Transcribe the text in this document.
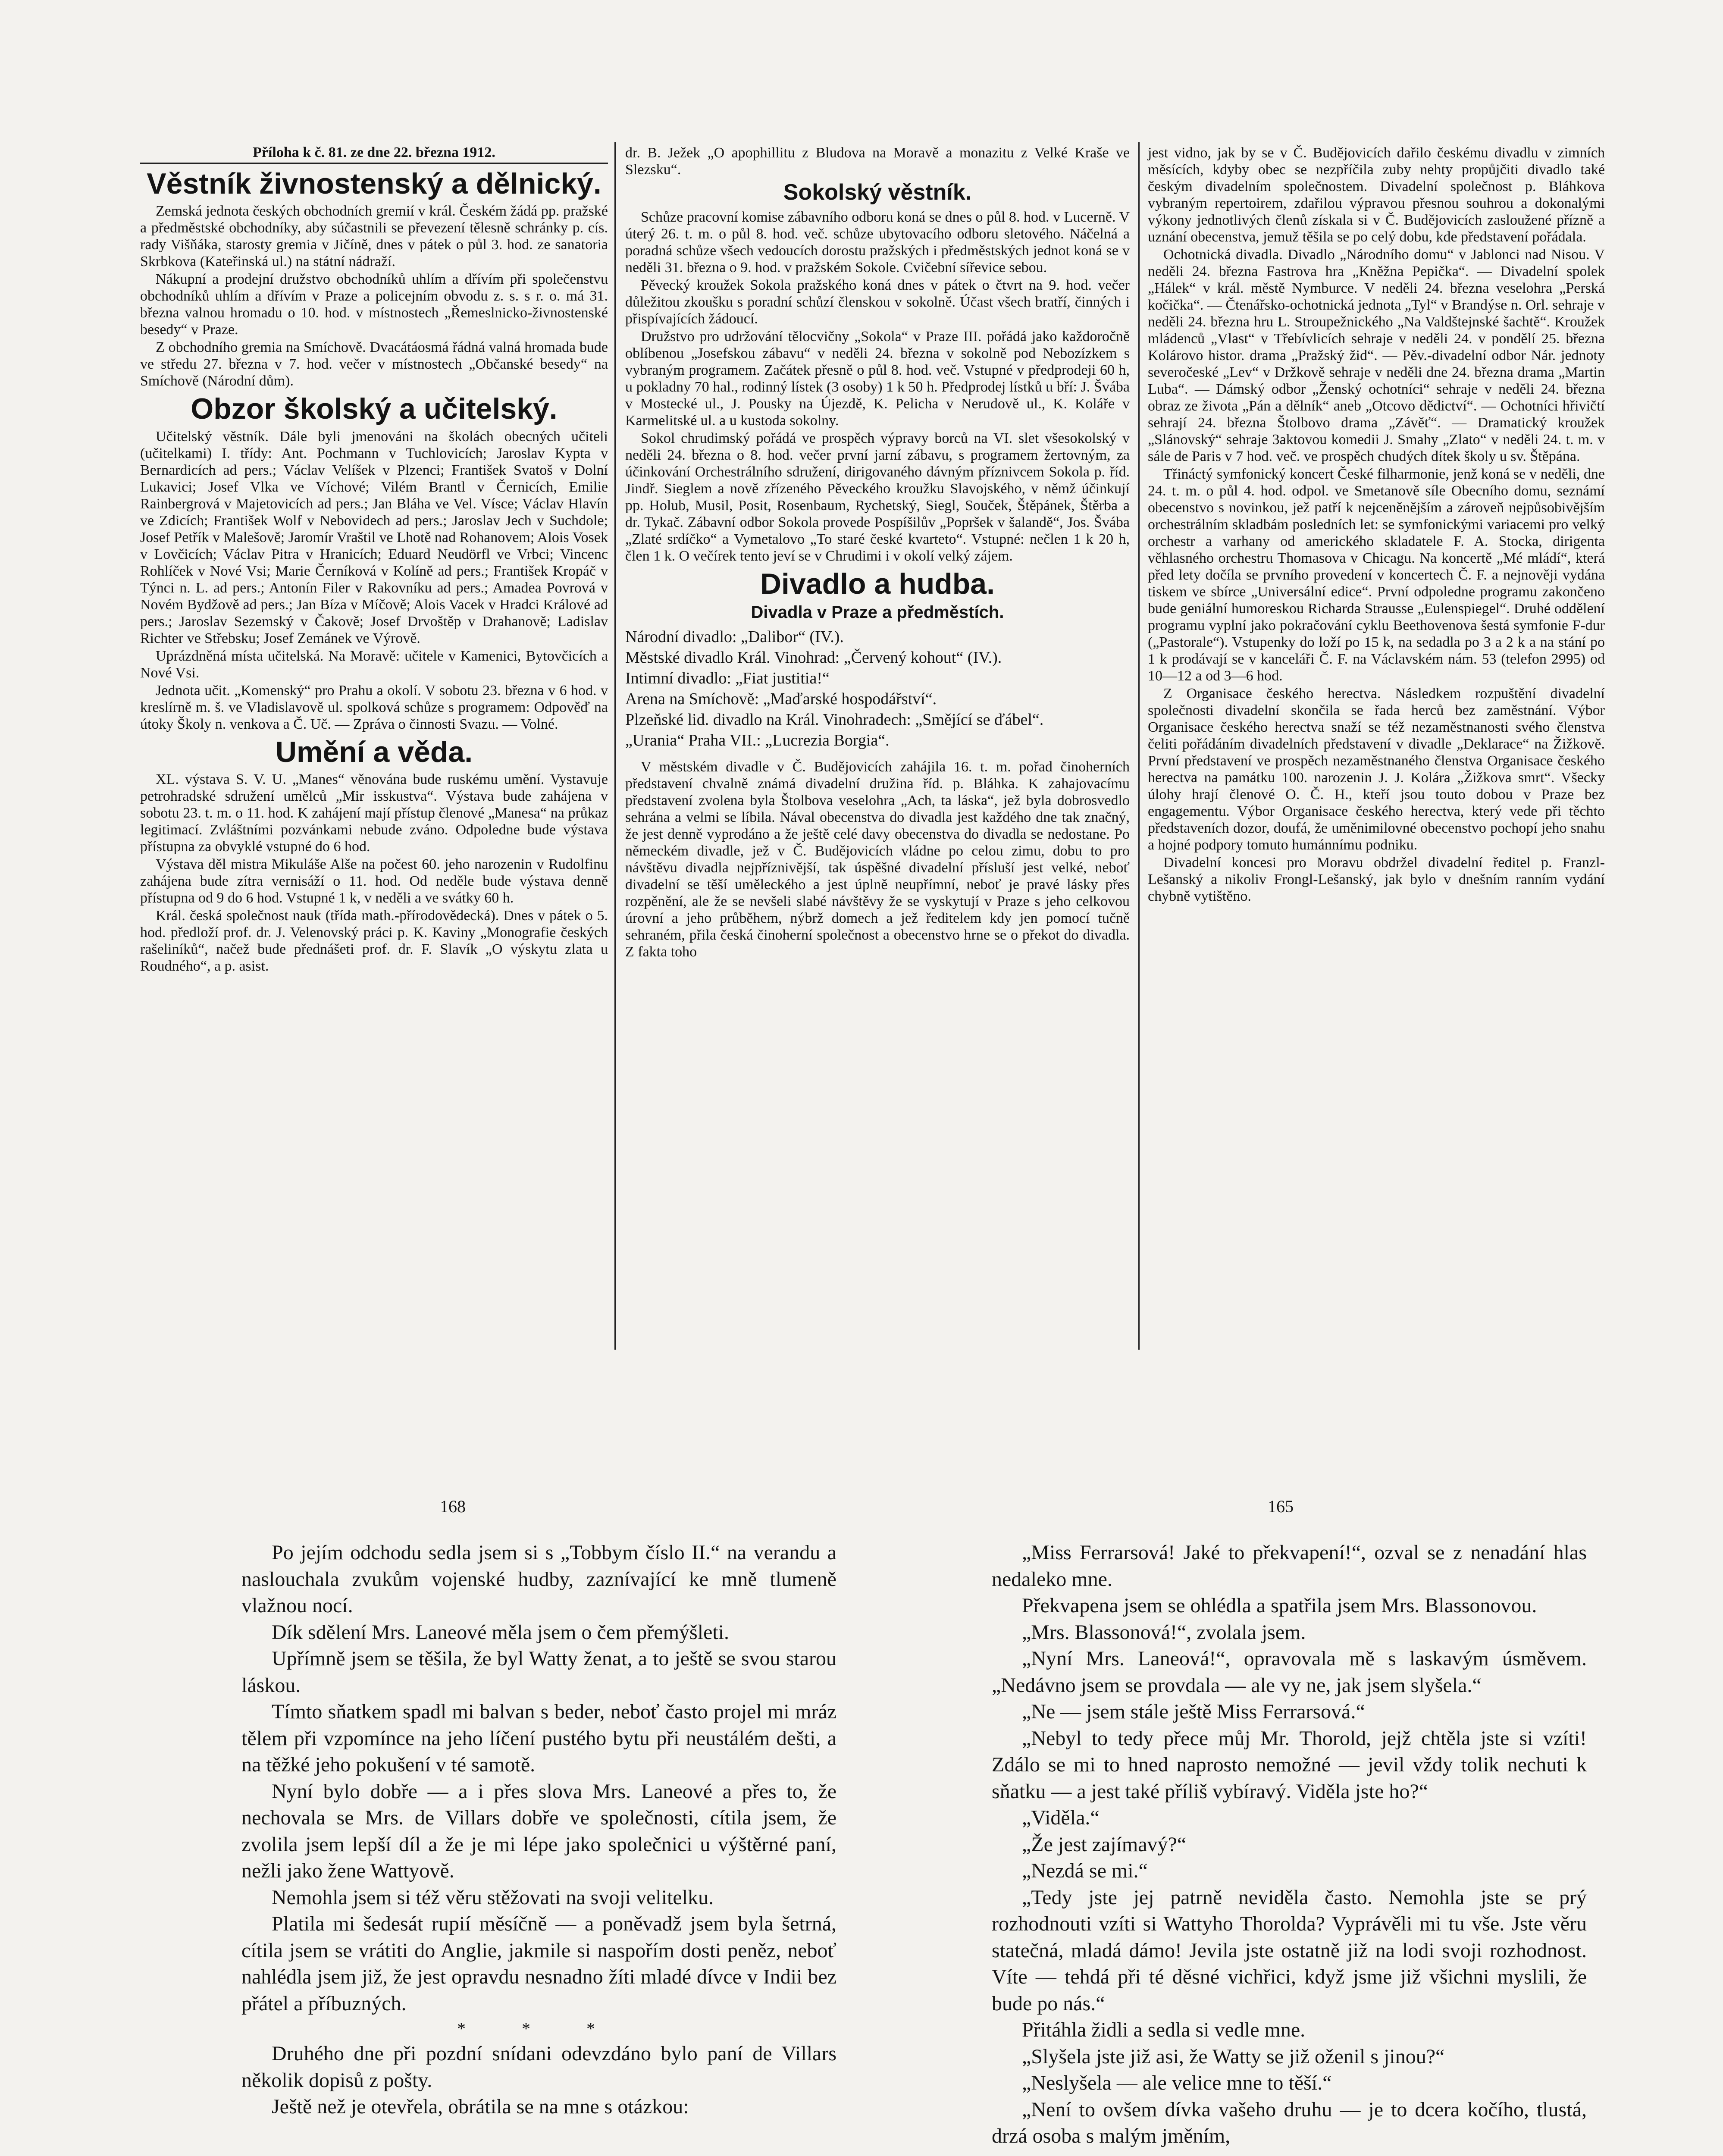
Příloha k č. 81. ze dne 22. března 1912.
Věstník živnostenský a dělnický.

Zemská jednota českých obchodních gremií v král. Českém žádá pp. pražské a předměstské obchodníky, aby súčastnili se převezení tělesně schránky p. cís. rady Višňáka, starosty gremia v Jičíně, dnes v pátek o půl 3. hod. ze sanatoria Skrbkova (Kateřinská ul.) na státní nádraží.

Nákupní a prodejní družstvo obchodníků uhlím a dřívím při společenstvu obchodníků uhlím a dřívím v Praze a policejním obvodu z. s. s r. o. má 31. března valnou hromadu o 10. hod. v místnostech „Řemeslnicko-živnostenské besedy“ v Praze.

Z obchodního gremia na Smíchově. Dvacátáosmá řádná valná hromada bude ve středu 27. března v 7. hod. večer v místnostech „Občanské besedy“ na Smíchově (Národní dům).

Obzor školský a učitelský.

Učitelský věstník. Dále byli jmenováni na školách obecných učiteli (učitelkami) I. třídy: Ant. Pochmann v Tuchlovicích; Jaroslav Kypta v Bernardicích ad pers.; Václav Velíšek v Plzenci; František Svatoš v Dolní Lukavici; Josef Vlka ve Víchové; Vilém Brantl v Černicích, Emilie Rainbergrová v Majetovicích ad pers.; Jan Bláha ve Vel. Vísce; Václav Hlavín ve Zdicích; František Wolf v Nebovidech ad pers.; Jaroslav Jech v Suchdole; Josef Petřík v Malešově; Jaromír Vraštil ve Lhotě nad Rohanovem; Alois Vosek v Lovčicích; Václav Pitra v Hranicích; Eduard Neudörfl ve Vrbci; Vincenc Rohlíček v Nové Vsi; Marie Černíková v Kolíně ad pers.; František Kropáč v Týnci n. L. ad pers.; Antonín Filer v Rakovníku ad pers.; Amadea Povrová v Novém Bydžově ad pers.; Jan Bíza v Míčově; Alois Vacek v Hradci Králové ad pers.; Jaroslav Sezemský v Čakově; Josef Drvoštěp v Drahanově; Ladislav Richter ve Střebsku; Josef Zemánek ve Výrově.

Uprázdněná místa učitelská. Na Moravě: učitele v Kamenici, Bytovčicích a Nové Vsi.

Jednota učit. „Komenský“ pro Prahu a okolí. V sobotu 23. března v 6 hod. v kreslírně m. š. ve Vladislavově ul. spolková schůze s programem: Odpověď na útoky Školy n. venkova a Č. Uč. — Zpráva o činnosti Svazu. — Volné.

Umění a věda.

XL. výstava S. V. U. „Manes“ věnována bude ruskému umění. Vystavuje petrohradské sdružení umělců „Mir isskustva“. Výstava bude zahájena v sobotu 23. t. m. o 11. hod. K zahájení mají přístup členové „Manesa“ na průkaz legitimací. Zvláštními pozvánkami nebude zváno. Odpoledne bude výstava přístupna za obvyklé vstupné do 6 hod.

Výstava děl mistra Mikuláše Alše na počest 60. jeho narozenin v Rudolfinu zahájena bude zítra vernisáží o 11. hod. Od neděle bude výstava denně přístupna od 9 do 6 hod. Vstupné 1 k, v neděli a ve svátky 60 h.

Král. česká společnost nauk (třída math.-přírodovědecká). Dnes v pátek o 5. hod. předloží prof. dr. J. Velenovský práci p. K. Kaviny „Monografie českých rašeliníků“, načež bude přednášeti prof. dr. F. Slavík „O výskytu zlata u Roudného“, a p. asist.

dr. B. Ježek „O apophillitu z Bludova na Moravě a monazitu z Velké Kraše ve Slezsku“.

Sokolský věstník.

Schůze pracovní komise zábavního odboru koná se dnes o půl 8. hod. v Lucerně. V úterý 26. t. m. o půl 8. hod. več. schůze ubytovacího odboru sletového. Náčelná a poradná schůze všech vedoucích dorostu pražských i předměstských jednot koná se v neděli 31. března o 9. hod. v pražském Sokole. Cvičební sířevice sebou.

Pěvecký kroužek Sokola pražského koná dnes v pátek o čtvrt na 9. hod. večer důležitou zkoušku s poradní schůzí členskou v sokolně. Účast všech bratří, činných i přispívajících žádoucí.

Družstvo pro udržování tělocvičny „Sokola“ v Praze III. pořádá jako každoročně oblíbenou „Josefskou zábavu“ v neděli 24. března v sokolně pod Nebozízkem s vybraným programem. Začátek přesně o půl 8. hod. več. Vstupné v předprodeji 60 h, u pokladny 70 hal., rodinný lístek (3 osoby) 1 k 50 h. Předprodej lístků u bří: J. Švába v Mostecké ul., J. Pousky na Újezdě, K. Pelicha v Nerudově ul., K. Koláře v Karmelitské ul. a u kustoda sokolny.

Sokol chrudimský pořádá ve prospěch výpravy borců na VI. slet všesokolský v neděli 24. března o 8. hod. večer první jarní zábavu, s programem žertovným, za účinkování Orchestrálního sdružení, dirigovaného dávným příznivcem Sokola p. říd. Jindř. Sieglem a nově zřízeného Pěveckého kroužku Slavojského, v němž účinkují pp. Holub, Musil, Posit, Rosenbaum, Rychetský, Siegl, Souček, Štěpánek, Štěrba a dr. Tykač. Zábavní odbor Sokola provede Pospíšilův „Popršek v šalandě“, Jos. Švába „Zlaté srdíčko“ a Vymetalovo „To staré české kvarteto“. Vstupné: nečlen 1 k 20 h, člen 1 k. O večírek tento jeví se v Chrudimi i v okolí velký zájem.

Divadlo a hudba.
Divadla v Praze a předměstích.

Národní divadlo: „Dalibor“ (IV.).

Městské divadlo Král. Vinohrad: „Červený kohout“ (IV.).

Intimní divadlo: „Fiat justitia!“

Arena na Smíchově: „Maďarské hospodářství“.

Plzeňské lid. divadlo na Král. Vinohradech: „Smějící se ďábel“.

„Urania“ Praha VII.: „Lucrezia Borgia“.

V městském divadle v Č. Budějovicích zahájila 16. t. m. pořad činoherních představení chvalně známá divadelní družina říd. p. Bláhka. K zahajovacímu představení zvolena byla Štolbova veselohra „Ach, ta láska“, jež byla dobrosvedlo sehrána a velmi se líbila. Nával obecenstva do divadla jest každého dne tak značný, že jest denně vyprodáno a že ještě celé davy obecenstva do divadla se nedostane. Po německém divadle, jež v Č. Budějovicích vládne po celou zimu, dobu to pro návštěvu divadla nejpříznivější, tak úspěšné divadelní přísluší jest velké, neboť divadelní se těší uměleckého a jest úplně neupřímní, neboť je pravé lásky přes rozpěnění, ale že se nevšeli slabé návštěvy že se vyskytují v Praze s jeho celkovou úrovní a jeho průběhem, nýbrž domech a jež ředitelem kdy jen pomocí tučně sehraném, přila česká činoherní společnost a obecenstvo hrne se o překot do divadla. Z fakta toho

jest vidno, jak by se v Č. Budějovicích dařilo českému divadlu v zimních měsících, kdyby obec se nezpříčila zuby nehty propůjčiti divadlo také českým divadelním společnostem. Divadelní společnost p. Bláhkova vybraným repertoirem, zdařilou výpravou přesnou souhrou a dokonalými výkony jednotlivých členů získala si v Č. Budějovicích zasloužené přízně a uznání obecenstva, jemuž těšila se po celý dobu, kde představení pořádala.

Ochotnická divadla. Divadlo „Národního domu“ v Jablonci nad Nisou. V neděli 24. března Fastrova hra „Kněžna Pepička“. — Divadelní spolek „Hálek“ v král. městě Nymburce. V neděli 24. března veselohra „Perská kočička“. — Čtenářsko-ochotnická jednota „Tyl“ v Brandýse n. Orl. sehraje v neděli 24. března hru L. Stroupežnického „Na Valdštejnské šachtě“. Kroužek mládenců „Vlast“ v Třebívlicích sehraje v neděli 24. v pondělí 25. března Kolárovo histor. drama „Pražský žid“. — Pěv.-divadelní odbor Nár. jednoty severočeské „Lev“ v Držkově sehraje v neděli dne 24. března drama „Martin Luba“. — Dámský odbor „Ženský ochotníci“ sehraje v neděli 24. března obraz ze života „Pán a dělník“ aneb „Otcovo dědictví“. — Ochotníci hřivičtí sehrají 24. března Štolbovo drama „Závěť“. — Dramatický kroužek „Slánovský“ sehraje 3aktovou komedii J. Smahy „Zlato“ v neděli 24. t. m. v sále de Paris v 7 hod. več. ve prospěch chudých dítek školy u sv. Štěpána.

Třináctý symfonický koncert České filharmonie, jenž koná se v neděli, dne 24. t. m. o půl 4. hod. odpol. ve Smetanově síle Obecního domu, seznámí obecenstvo s novinkou, jež patří k nejceněnějším a zároveň nejpůsobivějším orchestrálním skladbám posledních let: se symfonickými variacemi pro velký orchestr a varhany od amerického skladatele F. A. Stocka, dirigenta věhlasného orchestru Thomasova v Chicagu. Na koncertě „Mé mládí“, která před lety dočíla se prvního provedení v koncertech Č. F. a nejnověji vydána tiskem ve sbírce „Universální edice“. První odpoledne programu zakončeno bude geniální humoreskou Richarda Strausse „Eulenspiegel“. Druhé oddělení programu vyplní jako pokračování cyklu Beethovenova šestá symfonie F-dur („Pastorale“). Vstupenky do loží po 15 k, na sedadla po 3 a 2 k a na stání po 1 k prodávají se v kanceláři Č. F. na Václavském nám. 53 (telefon 2995) od 10—12 a od 3—6 hod.

Z Organisace českého herectva. Následkem rozpuštění divadelní společnosti divadelní skončila se řada herců bez zaměstnání. Výbor Organisace českého herectva snaží se též nezaměstnanosti svého členstva čeliti pořádáním divadelních představení v divadle „Deklarace“ na Žižkově. První představení ve prospěch nezaměstnaného členstva Organisace českého herectva na památku 100. narozenin J. J. Kolára „Žižkova smrt“. Všecky úlohy hrají členové O. Č. H., kteří jsou touto dobou v Praze bez engagementu. Výbor Organisace českého herectva, který vede při těchto představeních dozor, doufá, že uměnimilovné obecenstvo pochopí jeho snahu a hojné podpory tomuto humánnímu podniku.

Divadelní koncesi pro Moravu obdržel divadelní ředitel p. Franzl-Lešanský a nikoliv Frongl-Lešanský, jak bylo v dnešním ranním vydání chybně vytištěno.

168	165

Po jejím odchodu sedla jsem si s „Tobbym číslo II.“ na verandu a naslouchala zvukům vojenské hudby, zaznívající ke mně tlumeně vlažnou nocí.

Dík sdělení Mrs. Laneové měla jsem o čem přemýšleti.

Upřímně jsem se těšila, že byl Watty ženat, a to ještě se svou starou láskou.

Tímto sňatkem spadl mi balvan s beder, neboť často projel mi mráz tělem při vzpomínce na jeho líčení pustého bytu při neustálém dešti, a na těžké jeho pokušení v té samotě.

Nyní bylo dobře — a i přes slova Mrs. Laneové a přes to, že nechovala se Mrs. de Villars dobře ve společnosti, cítila jsem, že zvolila jsem lepší díl a že je mi lépe jako společnici u výštěrné paní, nežli jako žene Wattyově.

Nemohla jsem si též věru stěžovati na svoji velitelku.

Platila mi šedesát rupií měsíčně — a poněvadž jsem byla šetrná, cítila jsem se vrátiti do Anglie, jakmile si naspořím dosti peněz, neboť nahlédla jsem již, že jest opravdu nesnadno žíti mladé dívce v Indii bez přátel a příbuzných.

* * *

Druhého dne při pozdní snídani odevzdáno bylo paní de Villars několik dopisů z pošty.

Ještě než je otevřela, obrátila se na mne s otázkou:

„Miss Ferrarsová! Jaké to překvapení!“, ozval se z nenadání hlas nedaleko mne.

Překvapena jsem se ohlédla a spatřila jsem Mrs. Blassonovou.

„Mrs. Blassonová!“, zvolala jsem.

„Nyní Mrs. Laneová!“, opravovala mě s laskavým úsměvem. „Nedávno jsem se provdala — ale vy ne, jak jsem slyšela.“

„Ne — jsem stále ještě Miss Ferrarsová.“

„Nebyl to tedy přece můj Mr. Thorold, jejž chtěla jste si vzíti! Zdálo se mi to hned naprosto nemožné — jevil vždy tolik nechuti k sňatku — a jest také příliš vybíravý. Viděla jste ho?“

„Viděla.“

„Že jest zajímavý?“

„Nezdá se mi.“

„Tedy jste jej patrně neviděla často. Nemohla jste se prý rozhodnouti vzíti si Wattyho Thorolda? Vyprávěli mi tu vše. Jste věru statečná, mladá dámo! Jevila jste ostatně již na lodi svoji rozhodnost. Víte — tehdá při té děsné vichřici, když jsme již všichni myslili, že bude po nás.“

Přitáhla židli a sedla si vedle mne.

„Slyšela jste již asi, že Watty se již oženil s jinou?“

„Neslyšela — ale velice mne to těší.“

„Není to ovšem dívka vašeho druhu — je to dcera kočího, tlustá, drzá osoba s malým jměním,
